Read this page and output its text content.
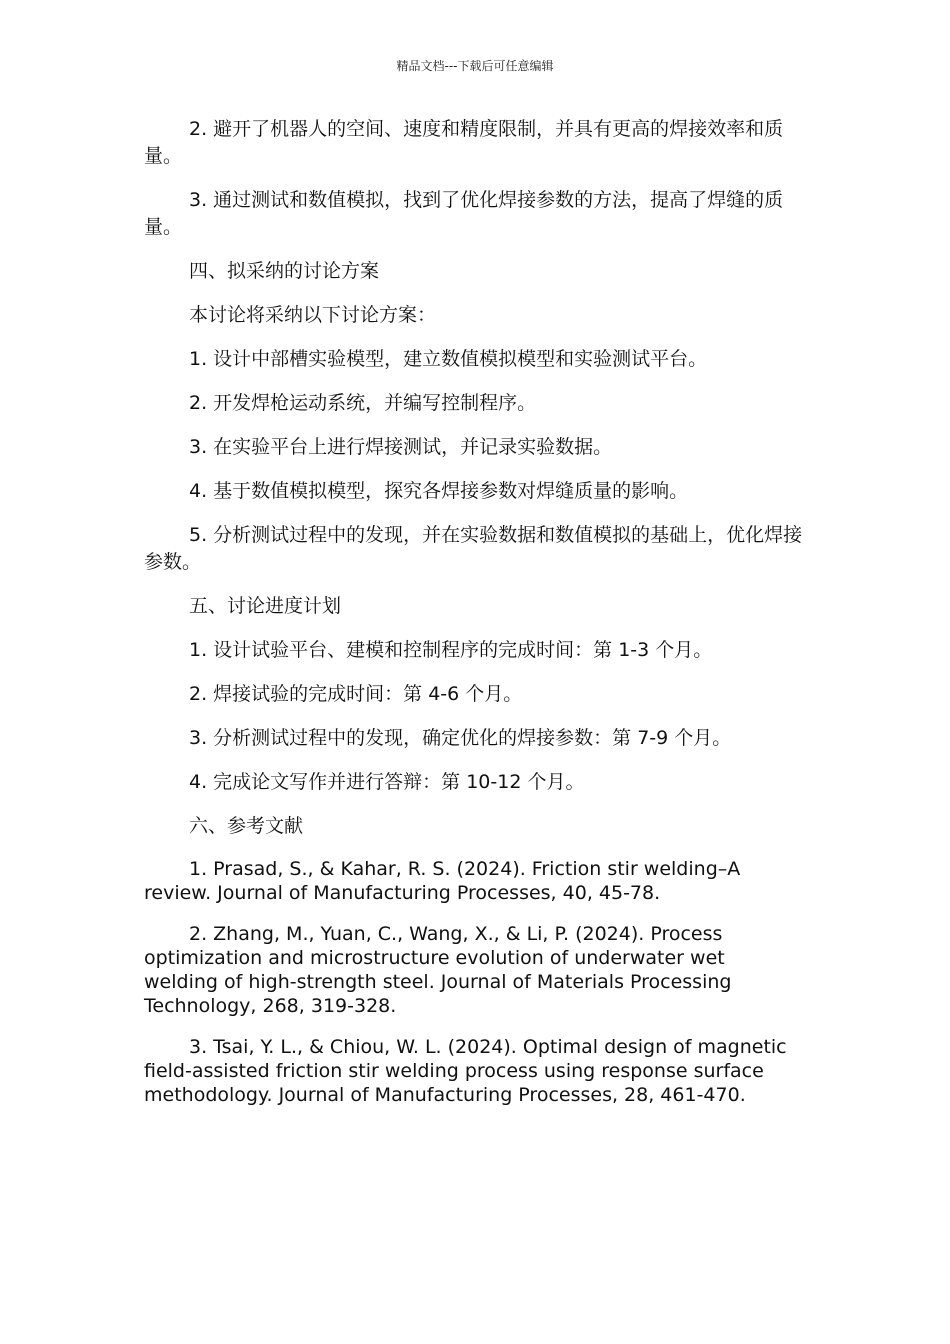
精品文档---下载后可任意编辑

2. 避开了机器人的空间、速度和精度限制，并具有更高的焊接效率和质量。

3. 通过测试和数值模拟，找到了优化焊接参数的方法，提高了焊缝的质量。

四、拟采纳的讨论方案

本讨论将采纳以下讨论方案：

1. 设计中部槽实验模型，建立数值模拟模型和实验测试平台。

2. 开发焊枪运动系统，并编写控制程序。

3. 在实验平台上进行焊接测试，并记录实验数据。

4. 基于数值模拟模型，探究各焊接参数对焊缝质量的影响。

5. 分析测试过程中的发现，并在实验数据和数值模拟的基础上，优化焊接参数。

五、讨论进度计划

1. 设计试验平台、建模和控制程序的完成时间：第 1-3 个月。

2. 焊接试验的完成时间：第 4-6 个月。

3. 分析测试过程中的发现，确定优化的焊接参数：第 7-9 个月。

4. 完成论文写作并进行答辩：第 10-12 个月。

六、参考文献

1. Prasad, S., & Kahar, R. S. (2024). Friction stir welding–A review. Journal of Manufacturing Processes, 40, 45-78.

2. Zhang, M., Yuan, C., Wang, X., & Li, P. (2024). Process optimization and microstructure evolution of underwater wet welding of high-strength steel. Journal of Materials Processing Technology, 268, 319-328.

3. Tsai, Y. L., & Chiou, W. L. (2024). Optimal design of magnetic field-assisted friction stir welding process using response surface methodology. Journal of Manufacturing Processes, 28, 461-470.
